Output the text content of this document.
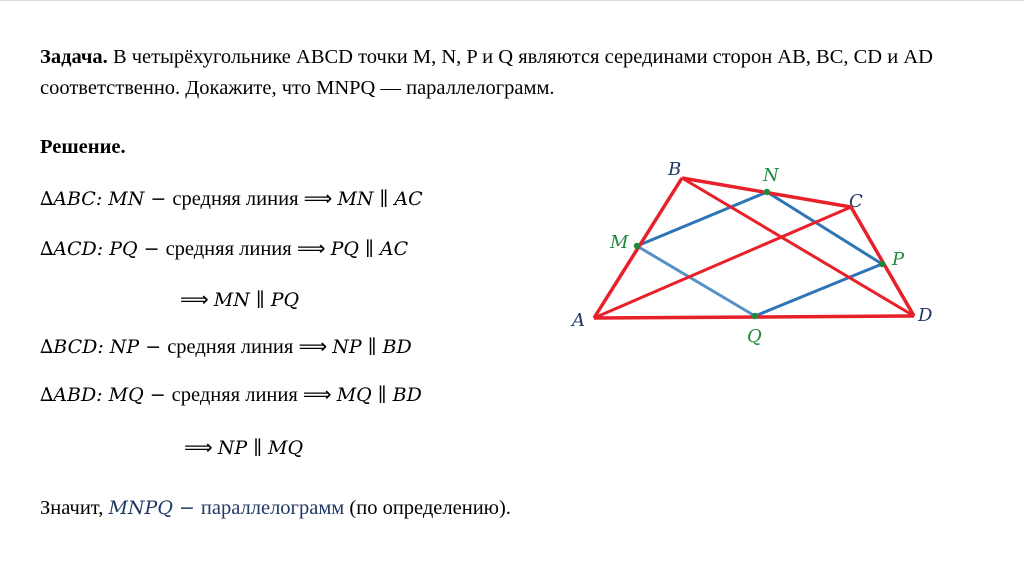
Задача. В четырёхугольнике ABCD точки M, N, P и Q являются серединами сторон AB, BC, CD и AD соответственно. Докажите, что MNPQ — параллелограмм.
Решение.
∆ABC: MN − средняя линия ⟹ MN ∥ AC
∆ACD: PQ − средняя линия ⟹ PQ ∥ AC
⟹ MN ∥ PQ
∆BCD: NP − средняя линия ⟹ NP ∥ BD
∆ABD: MQ − средняя линия ⟹ MQ ∥ BD
⟹ NP ∥ MQ
Значит, MNPQ − параллелограмм (по определению).
A
B
C
D
M
N
P
Q
